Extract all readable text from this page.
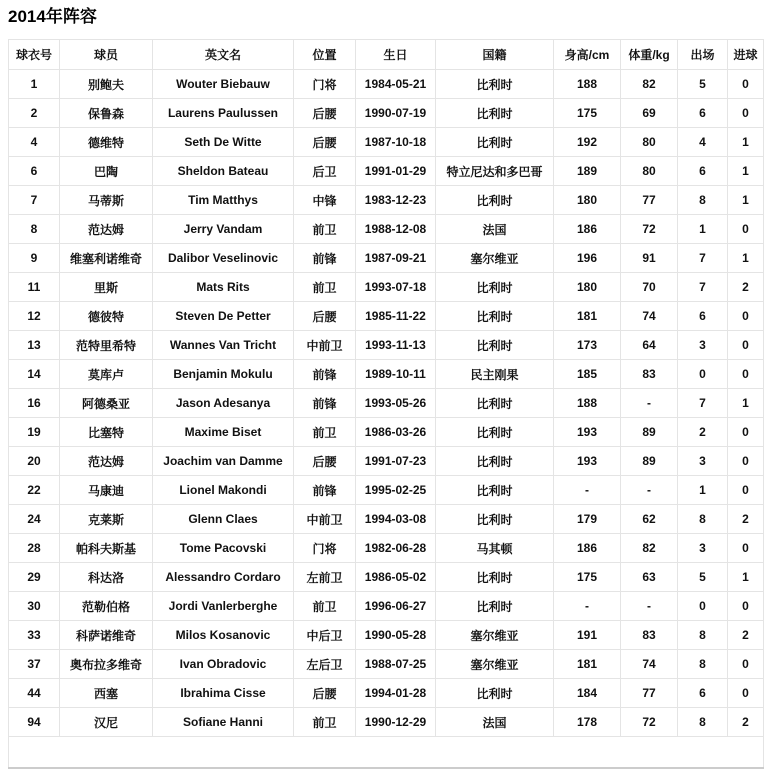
2014年阵容
球衣号	球员	英文名	位置	生日	国籍	身高/cm	体重/kg	出场	进球
1	别鲍夫	Wouter Biebauw	门将	1984-05-21	比利时	188	82	5	0
2	保鲁森	Laurens Paulussen	后腰	1990-07-19	比利时	175	69	6	0
4	德维特	Seth De Witte	后腰	1987-10-18	比利时	192	80	4	1
6	巴陶	Sheldon Bateau	后卫	1991-01-29	特立尼达和多巴哥	189	80	6	1
7	马蒂斯	Tim Matthys	中锋	1983-12-23	比利时	180	77	8	1
8	范达姆	Jerry Vandam	前卫	1988-12-08	法国	186	72	1	0
9	维塞利诺维奇	Dalibor Veselinovic	前锋	1987-09-21	塞尔维亚	196	91	7	1
11	里斯	Mats Rits	前卫	1993-07-18	比利时	180	70	7	2
12	德彼特	Steven De Petter	后腰	1985-11-22	比利时	181	74	6	0
13	范特里希特	Wannes Van Tricht	中前卫	1993-11-13	比利时	173	64	3	0
14	莫库卢	Benjamin Mokulu	前锋	1989-10-11	民主刚果	185	83	0	0
16	阿德桑亚	Jason Adesanya	前锋	1993-05-26	比利时	188	-	7	1
19	比塞特	Maxime Biset	前卫	1986-03-26	比利时	193	89	2	0
20	范达姆	Joachim van Damme	后腰	1991-07-23	比利时	193	89	3	0
22	马康迪	Lionel Makondi	前锋	1995-02-25	比利时	-	-	1	0
24	克莱斯	Glenn Claes	中前卫	1994-03-08	比利时	179	62	8	2
28	帕科夫斯基	Tome Pacovski	门将	1982-06-28	马其顿	186	82	3	0
29	科达洛	Alessandro Cordaro	左前卫	1986-05-02	比利时	175	63	5	1
30	范勒伯格	Jordi Vanlerberghe	前卫	1996-06-27	比利时	-	-	0	0
33	科萨诺维奇	Milos Kosanovic	中后卫	1990-05-28	塞尔维亚	191	83	8	2
37	奥布拉多维奇	Ivan Obradovic	左后卫	1988-07-25	塞尔维亚	181	74	8	0
44	西塞	Ibrahima Cisse	后腰	1994-01-28	比利时	184	77	6	0
94	汉尼	Sofiane Hanni	前卫	1990-12-29	法国	178	72	8	2
